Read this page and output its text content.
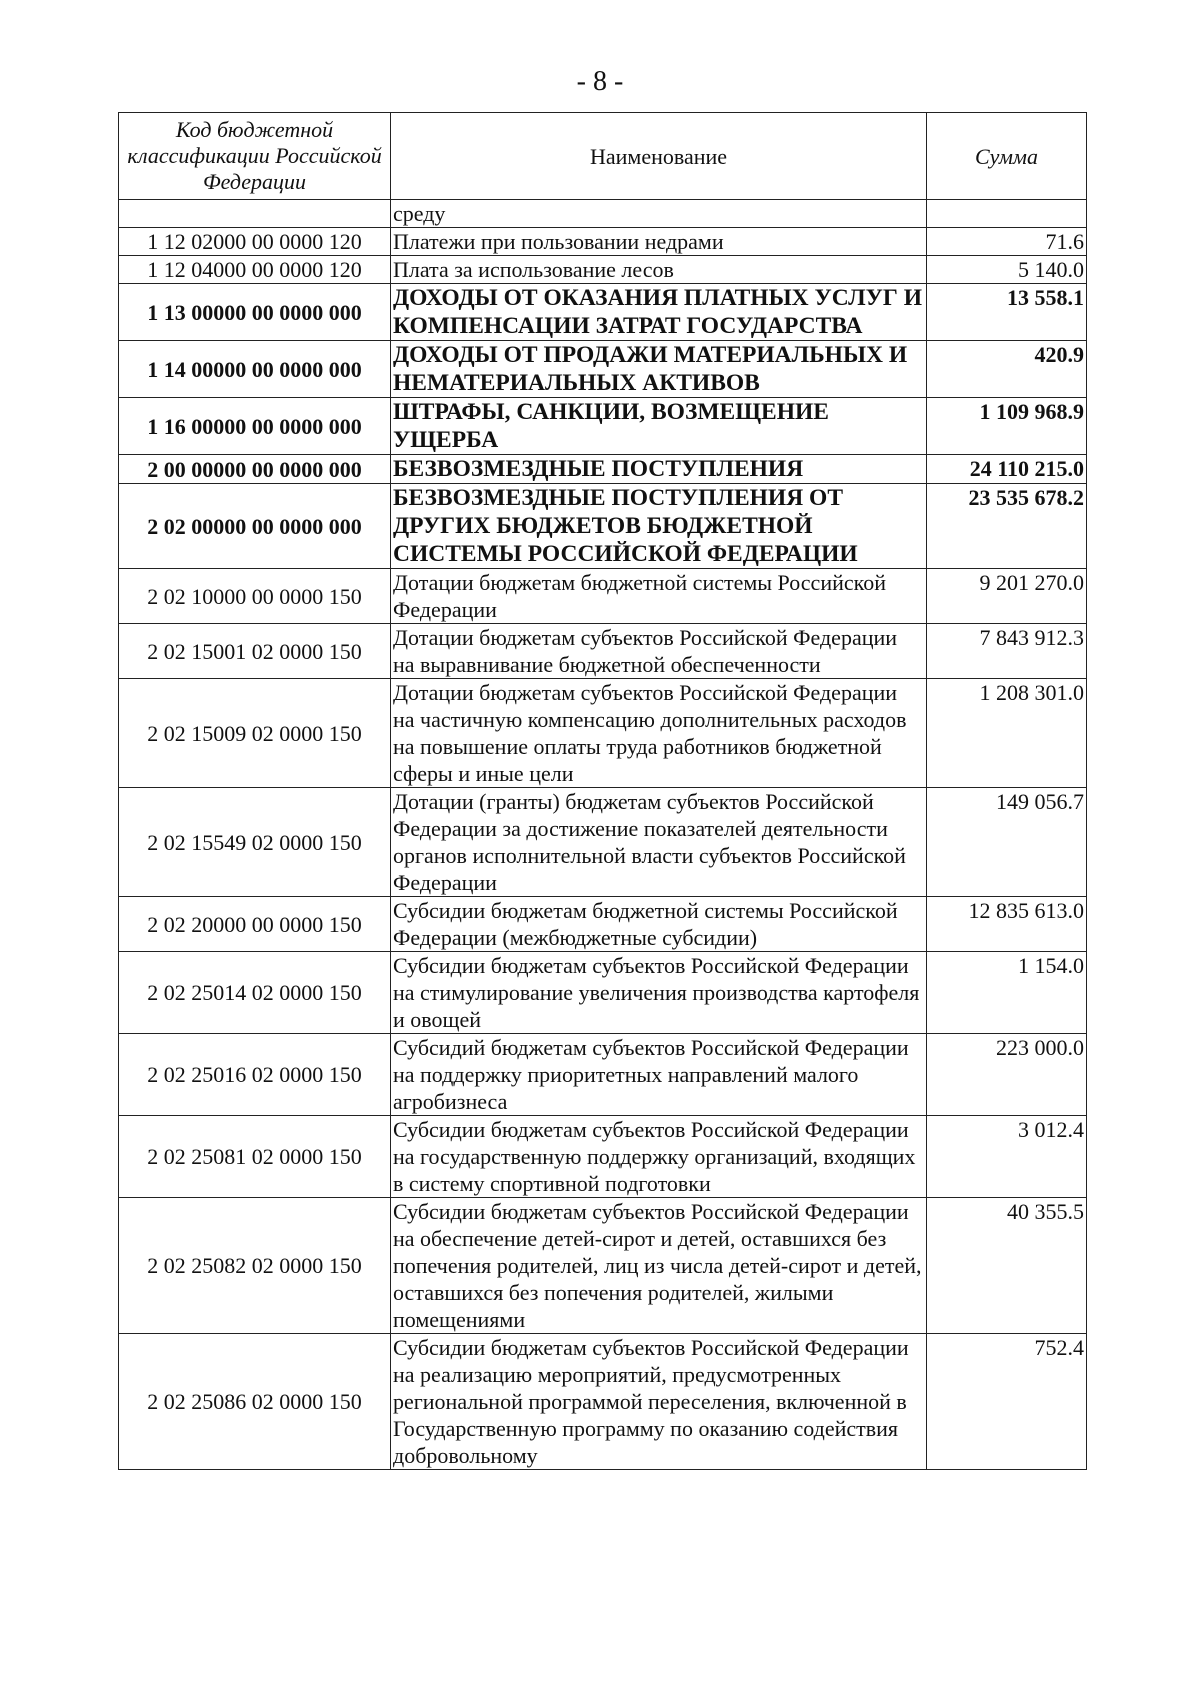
- 8 -
Код бюджетной классификации Российской Федерации	Наименование	Сумма
	среду	
1 12 02000 00 0000 120	Платежи при пользовании недрами	71.6
1 12 04000 00 0000 120	Плата за использование лесов	5 140.0
1 13 00000 00 0000 000	ДОХОДЫ ОТ ОКАЗАНИЯ ПЛАТНЫХ УСЛУГ И КОМПЕНСАЦИИ ЗАТРАТ ГОСУДАРСТВА	13 558.1
1 14 00000 00 0000 000	ДОХОДЫ ОТ ПРОДАЖИ МАТЕРИАЛЬНЫХ И НЕМАТЕРИАЛЬНЫХ АКТИВОВ	420.9
1 16 00000 00 0000 000	ШТРАФЫ, САНКЦИИ, ВОЗМЕЩЕНИЕ УЩЕРБА	1 109 968.9
2 00 00000 00 0000 000	БЕЗВОЗМЕЗДНЫЕ ПОСТУПЛЕНИЯ	24 110 215.0
2 02 00000 00 0000 000	БЕЗВОЗМЕЗДНЫЕ ПОСТУПЛЕНИЯ ОТ ДРУГИХ БЮДЖЕТОВ БЮДЖЕТНОЙ СИСТЕМЫ РОССИЙСКОЙ ФЕДЕРАЦИИ	23 535 678.2
2 02 10000 00 0000 150	Дотации бюджетам бюджетной системы Российской Федерации	9 201 270.0
2 02 15001 02 0000 150	Дотации бюджетам субъектов Российской Федерации на выравнивание бюджетной обеспеченности	7 843 912.3
2 02 15009 02 0000 150	Дотации бюджетам субъектов Российской Федерации на частичную компенсацию дополнительных расходов на повышение оплаты труда работников бюджетной сферы и иные цели	1 208 301.0
2 02 15549 02 0000 150	Дотации (гранты) бюджетам субъектов Российской Федерации за достижение показателей деятельности органов исполнительной власти субъектов Российской Федерации	149 056.7
2 02 20000 00 0000 150	Субсидии бюджетам бюджетной системы Российской Федерации (межбюджетные субсидии)	12 835 613.0
2 02 25014 02 0000 150	Субсидии бюджетам субъектов Российской Федерации на стимулирование увеличения производства картофеля и овощей	1 154.0
2 02 25016 02 0000 150	Субсидий бюджетам субъектов Российской Федерации на поддержку приоритетных направлений малого агробизнеса	223 000.0
2 02 25081 02 0000 150	Субсидии бюджетам субъектов Российской Федерации на государственную поддержку организаций, входящих в систему спортивной подготовки	3 012.4
2 02 25082 02 0000 150	Субсидии бюджетам субъектов Российской Федерации на обеспечение детей-сирот и детей, оставшихся без попечения родителей, лиц из числа детей-сирот и детей, оставшихся без попечения родителей, жилыми помещениями	40 355.5
2 02 25086 02 0000 150	Субсидии бюджетам субъектов Российской Федерации на реализацию мероприятий, предусмотренных региональной программой переселения, включенной в Государственную программу по оказанию содействия добровольному	752.4
